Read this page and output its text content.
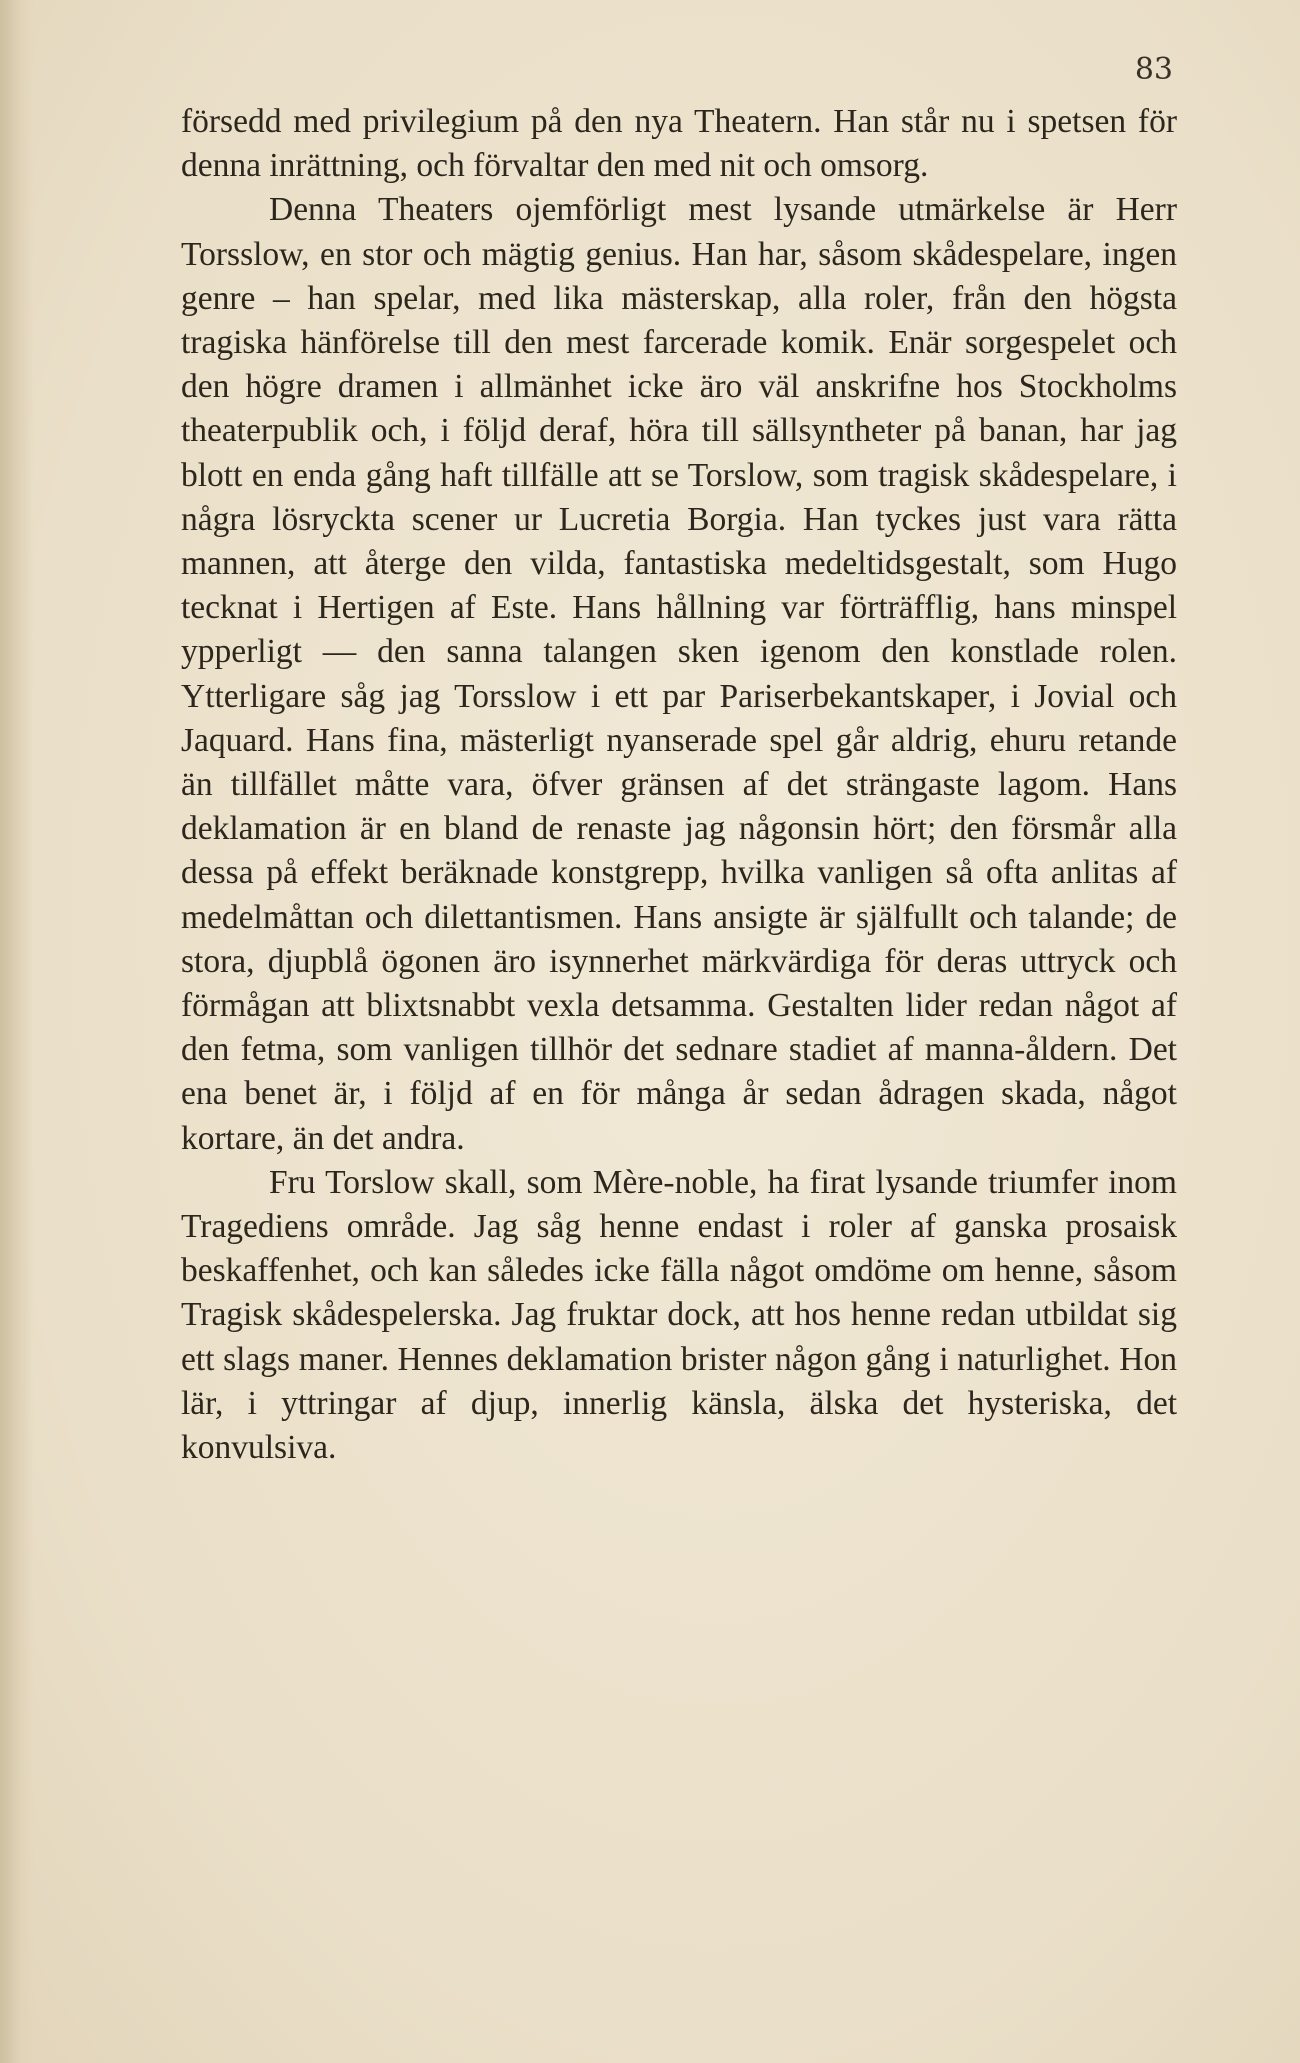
83

försedd med privilegium på den nya Theatern. Han står nu i spetsen för denna inrättning, och förvaltar den med nit och omsorg.

Denna Theaters ojemförligt mest lysande utmärkelse är Herr Torsslow, en stor och mägtig genius. Han har, såsom skådespelare, ingen genre – han spelar, med lika mästerskap, alla roler, från den högsta tragiska hänförelse till den mest farcerade komik. Enär sorgespelet och den högre dramen i allmänhet icke äro väl anskrifne hos Stockholms theaterpublik och, i följd deraf, höra till sällsyntheter på banan, har jag blott en enda gång haft tillfälle att se Torslow, som tragisk skådespelare, i några lösryckta scener ur Lucretia Borgia. Han tyckes just vara rätta mannen, att återge den vilda, fantastiska medeltidsgestalt, som Hugo tecknat i Hertigen af Este. Hans hållning var förträfflig, hans minspel ypperligt — den sanna talangen sken igenom den konstlade rolen. Ytterligare såg jag Torsslow i ett par Pariserbekantskaper, i Jovial och Jaquard. Hans fina, mästerligt nyanserade spel går aldrig, ehuru retande än tillfället måtte vara, öfver gränsen af det strängaste lagom. Hans deklamation är en bland de renaste jag någonsin hört; den försmår alla dessa på effekt beräknade konstgrepp, hvilka vanligen så ofta anlitas af medelmåttan och dilettantismen. Hans ansigte är själfullt och talande; de stora, djupblå ögonen äro isynnerhet märkvärdiga för deras uttryck och förmågan att blixtsnabbt vexla detsamma. Gestalten lider redan något af den fetma, som vanligen tillhör det sednare stadiet af manna-åldern. Det ena benet är, i följd af en för många år sedan ådragen skada, något kortare, än det andra.

Fru Torslow skall, som Mère-noble, ha firat lysande triumfer inom Tragediens område. Jag såg henne endast i roler af ganska prosaisk beskaffenhet, och kan således icke fälla något omdöme om henne, såsom Tragisk skådespelerska. Jag fruktar dock, att hos henne redan utbildat sig ett slags maner. Hennes deklamation brister någon gång i naturlighet. Hon lär, i yttringar af djup, innerlig känsla, älska det hysteriska, det konvulsiva.
